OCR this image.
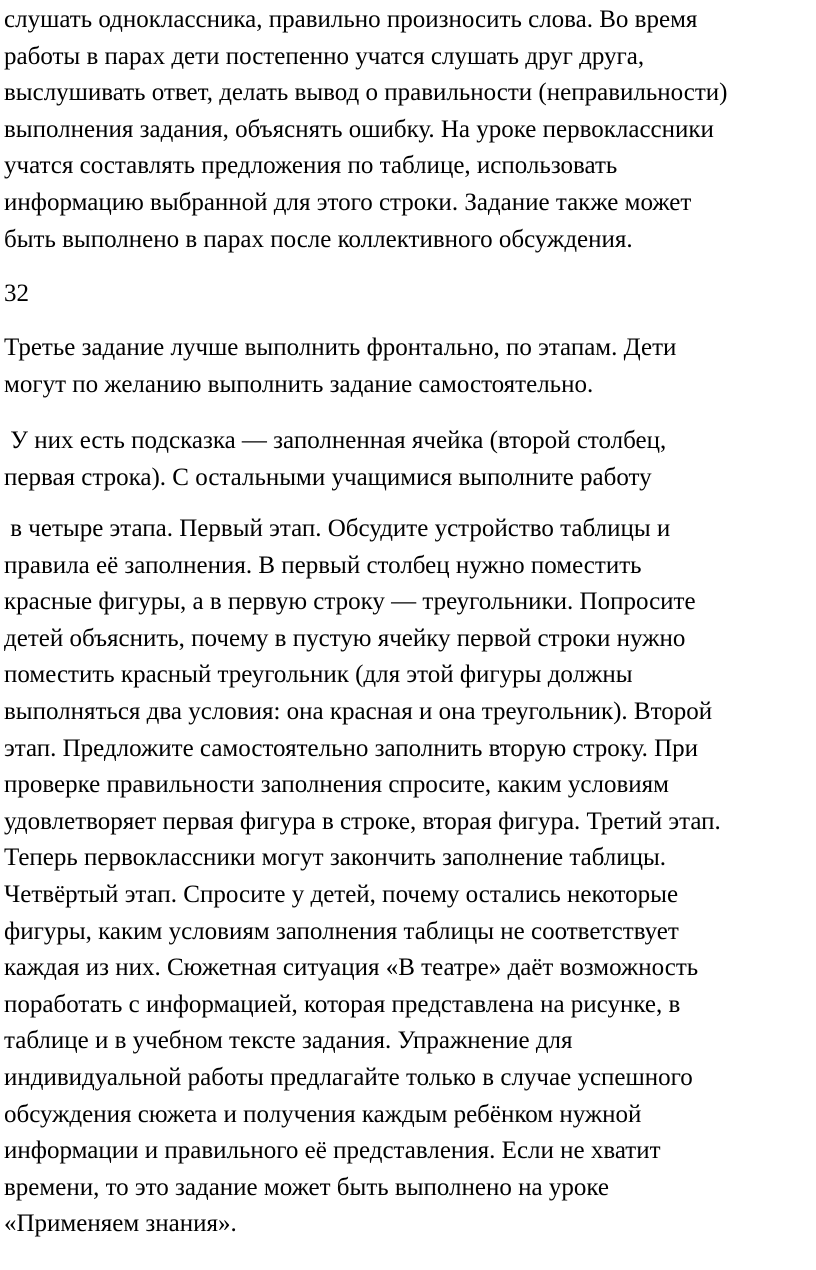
слушать одноклассника, правильно произносить слова. Во время
работы в парах дети постепенно учатся слушать друг друга,
выслушивать ответ, делать вывод о правильности (неправильности)
выполнения задания, объяснять ошибку. На уроке первоклассники
учатся составлять предложения по таблице, использовать
информацию выбранной для этого строки. Задание также может
быть выполнено в парах после коллективного обсуждения.

32

Третье задание лучше выполнить фронтально, по этапам. Дети
могут по желанию выполнить задание самостоятельно.

У них есть подсказка — заполненная ячейка (второй столбец,
первая строка). С остальными учащимися выполните работу

в четыре этапа. Первый этап. Обсудите устройство таблицы и
правила её заполнения. В первый столбец нужно поместить
красные фигуры, а в первую строку — треугольники. Попросите
детей объяснить, почему в пустую ячейку первой строки нужно
поместить красный треугольник (для этой фигуры должны
выполняться два условия: она красная и она треугольник). Второй
этап. Предложите самостоятельно заполнить вторую строку. При
проверке правильности заполнения спросите, каким условиям
удовлетворяет первая фигура в строке, вторая фигура. Третий этап.
Теперь первоклассники могут закончить заполнение таблицы.
Четвёртый этап. Спросите у детей, почему остались некоторые
фигуры, каким условиям заполнения таблицы не соответствует
каждая из них. Сюжетная ситуация «В театре» даёт возможность
поработать с информацией, которая представлена на рисунке, в
таблице и в учебном тексте задания. Упражнение для
индивидуальной работы предлагайте только в случае успешного
обсуждения сюжета и получения каждым ребёнком нужной
информации и правильного её представления. Если не хватит
времени, то это задание может быть выполнено на уроке
«Применяем знания».
